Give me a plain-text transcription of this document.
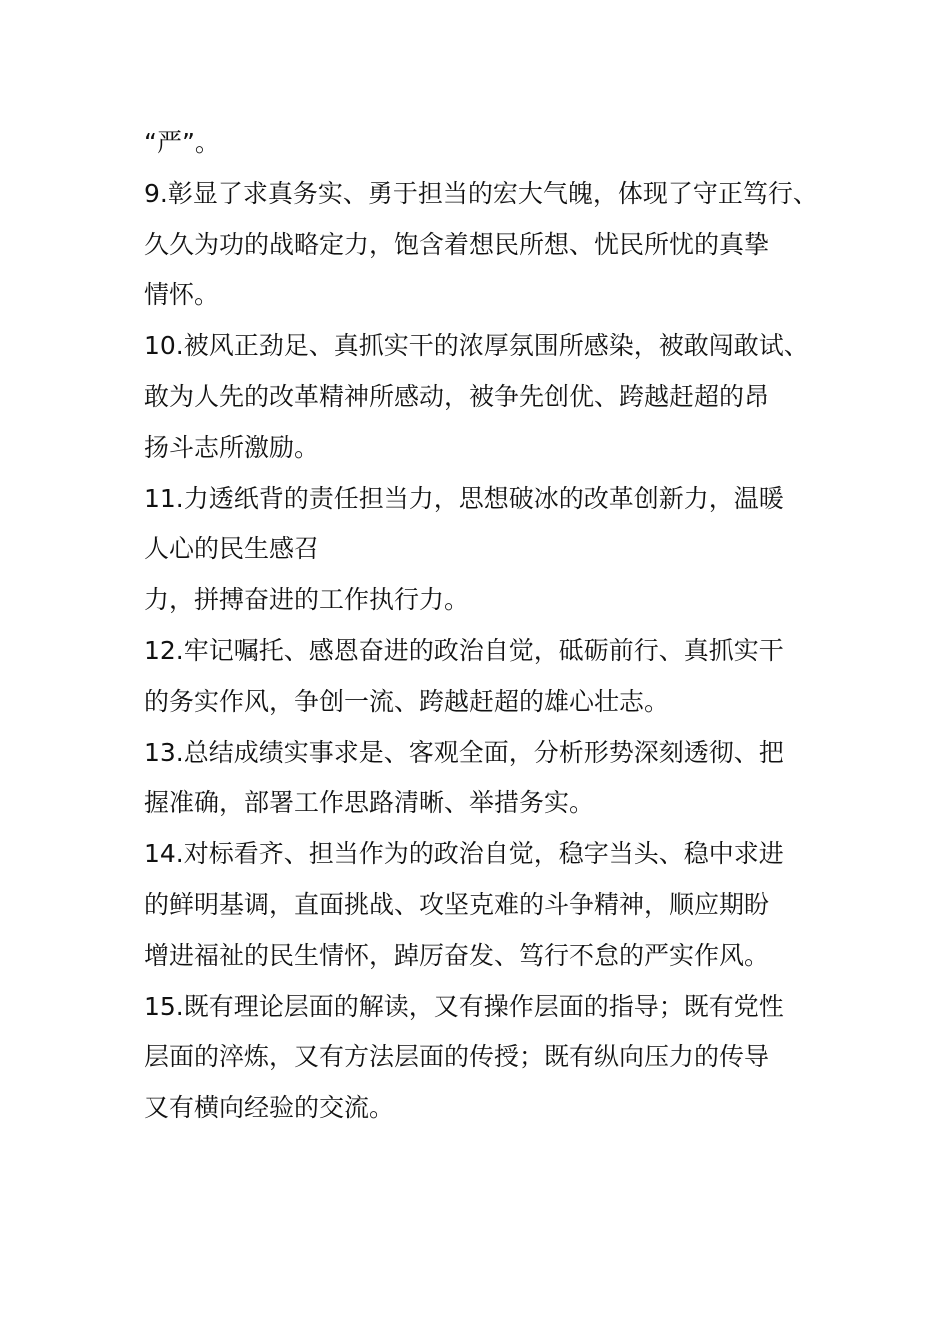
“严”。
9.彰显了求真务实、勇于担当的宏大气魄，体现了守正笃行、
久久为功的战略定力，饱含着想民所想、忧民所忧的真挚
情怀。
10.被风正劲足、真抓实干的浓厚氛围所感染，被敢闯敢试、
敢为人先的改革精神所感动，被争先创优、跨越赶超的昂
扬斗志所激励。
11.力透纸背的责任担当力，思想破冰的改革创新力，温暖
人心的民生感召
力，拼搏奋进的工作执行力。
12.牢记嘱托、感恩奋进的政治自觉，砥砺前行、真抓实干
的务实作风，争创一流、跨越赶超的雄心壮志。
13.总结成绩实事求是、客观全面，分析形势深刻透彻、把
握准确，部署工作思路清晰、举措务实。
14.对标看齐、担当作为的政治自觉，稳字当头、稳中求进
的鲜明基调，直面挑战、攻坚克难的斗争精神，顺应期盼
增进福祉的民生情怀，踔厉奋发、笃行不怠的严实作风。
15.既有理论层面的解读，又有操作层面的指导；既有党性
层面的淬炼，又有方法层面的传授；既有纵向压力的传导
又有横向经验的交流。
